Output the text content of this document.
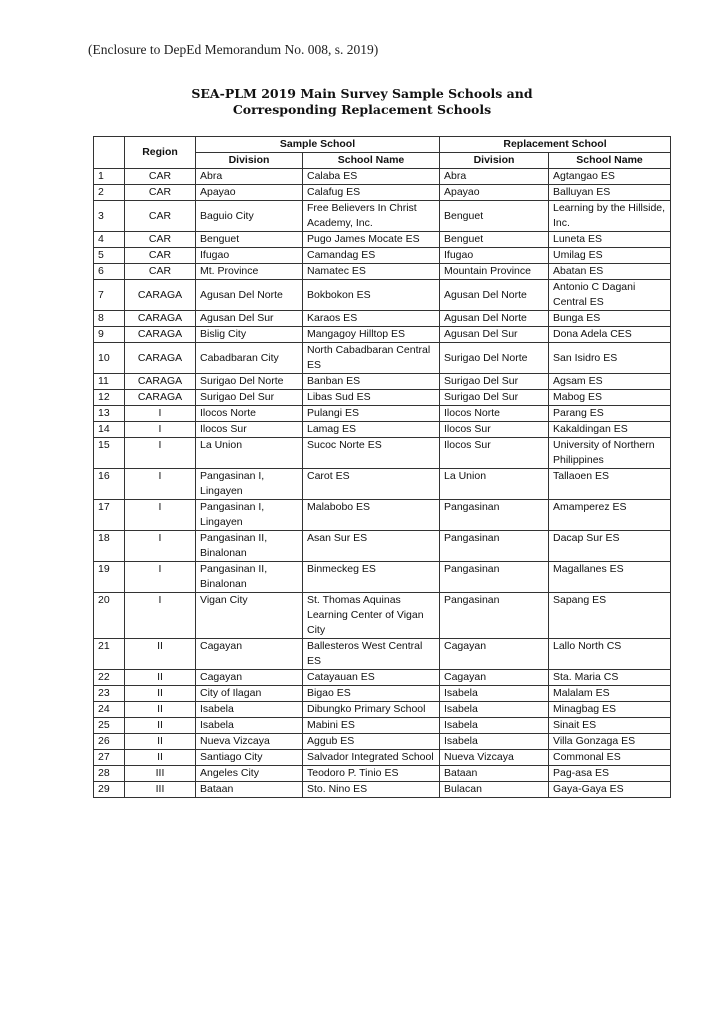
(Enclosure to DepEd Memorandum No. 008, s. 2019)
SEA-PLM 2019 Main Survey Sample Schools and
Corresponding Replacement Schools
	Region	Sample School		Replacement School	
		Division	School Name	Division	School Name
1	CAR	Abra	Calaba ES	Abra	Agtangao ES
2	CAR	Apayao	Calafug ES	Apayao	Balluyan ES
3	CAR	Baguio City	Free Believers In Christ Academy, Inc.	Benguet	Learning by the Hillside, Inc.
4	CAR	Benguet	Pugo James Mocate ES	Benguet	Luneta ES
5	CAR	Ifugao	Camandag ES	Ifugao	Umilag ES
6	CAR	Mt. Province	Namatec ES	Mountain Province	Abatan ES
7	CARAGA	Agusan Del Norte	Bokbokon ES	Agusan Del Norte	Antonio C Dagani Central ES
8	CARAGA	Agusan Del Sur	Karaos ES	Agusan Del Norte	Bunga ES
9	CARAGA	Bislig City	Mangagoy Hilltop ES	Agusan Del Sur	Dona Adela CES
10	CARAGA	Cabadbaran City	North Cabadbaran Central ES	Surigao Del Norte	San Isidro ES
11	CARAGA	Surigao Del Norte	Banban ES	Surigao Del Sur	Agsam ES
12	CARAGA	Surigao Del Sur	Libas Sud ES	Surigao Del Sur	Mabog ES
13	I	Ilocos Norte	Pulangi ES	Ilocos Norte	Parang ES
14	I	Ilocos Sur	Lamag ES	Ilocos Sur	Kakaldingan ES
15	I	La Union	Sucoc Norte ES	Ilocos Sur	University of Northern Philippines
16	I	Pangasinan I, Lingayen	Carot ES	La Union	Tallaoen ES
17	I	Pangasinan I, Lingayen	Malabobo ES	Pangasinan	Amamperez ES
18	I	Pangasinan II, Binalonan	Asan Sur ES	Pangasinan	Dacap Sur ES
19	I	Pangasinan II, Binalonan	Binmeckeg ES	Pangasinan	Magallanes ES
20	I	Vigan City	St. Thomas Aquinas Learning Center of Vigan City	Pangasinan	Sapang ES
21	II	Cagayan	Ballesteros West Central ES	Cagayan	Lallo North CS
22	II	Cagayan	Catayauan ES	Cagayan	Sta. Maria CS
23	II	City of Ilagan	Bigao ES	Isabela	Malalam ES
24	II	Isabela	Dibungko Primary School	Isabela	Minagbag ES
25	II	Isabela	Mabini ES	Isabela	Sinait ES
26	II	Nueva Vizcaya	Aggub ES	Isabela	Villa Gonzaga ES
27	II	Santiago City	Salvador Integrated School	Nueva Vizcaya	Commonal ES
28	III	Angeles City	Teodoro P. Tinio ES	Bataan	Pag-asa ES
29	III	Bataan	Sto. Nino ES	Bulacan	Gaya-Gaya ES
